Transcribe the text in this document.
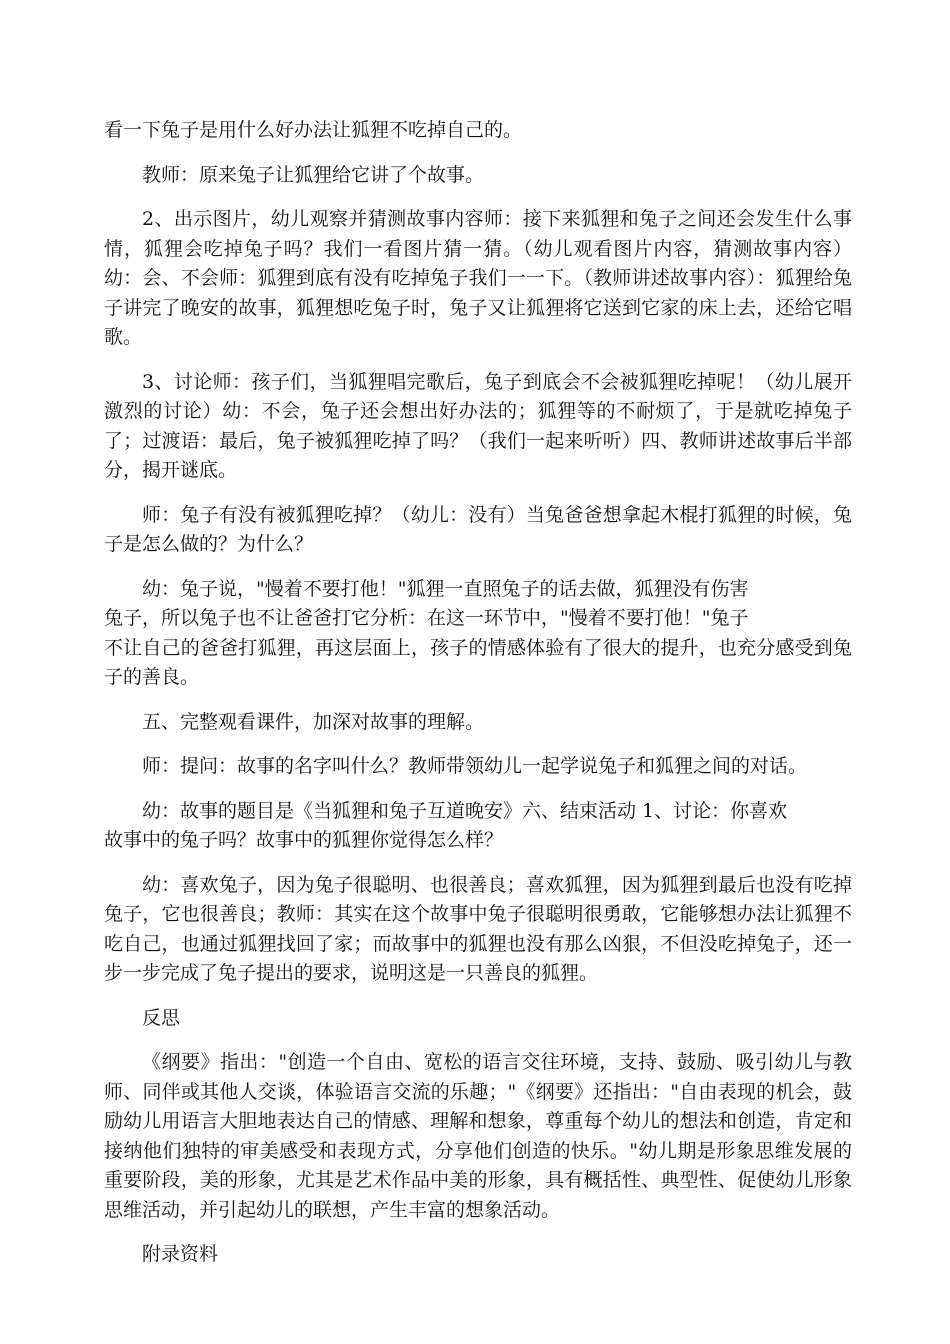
看一下兔子是用什么好办法让狐狸不吃掉自己的。

教师：原来兔子让狐狸给它讲了个故事。

2、出示图片，幼儿观察并猜测故事内容师：接下来狐狸和兔子之间还会发生什么事情，狐狸会吃掉兔子吗？我们一看图片猜一猜。（幼儿观看图片内容，猜测故事内容）幼：会、不会师：狐狸到底有没有吃掉兔子我们一一下。（教师讲述故事内容）：狐狸给兔子讲完了晚安的故事，狐狸想吃兔子时，兔子又让狐狸将它送到它家的床上去，还给它唱歌。

3、讨论师：孩子们，当狐狸唱完歌后，兔子到底会不会被狐狸吃掉呢！（幼儿展开激烈的讨论）幼：不会，兔子还会想出好办法的；狐狸等的不耐烦了，于是就吃掉兔子了；过渡语：最后，兔子被狐狸吃掉了吗？（我们一起来听听）四、教师讲述故事后半部分，揭开谜底。

师：兔子有没有被狐狸吃掉？（幼儿：没有）当兔爸爸想拿起木棍打狐狸的时候，兔子是怎么做的？为什么？

幼：兔子说，"慢着不要打他！"狐狸一直照兔子的话去做，狐狸没有伤害
兔子，所以兔子也不让爸爸打它分析：在这一环节中，"慢着不要打他！"兔子
不让自己的爸爸打狐狸，再这层面上，孩子的情感体验有了很大的提升，也充分感受到兔子的善良。

五、完整观看课件，加深对故事的理解。

师：提问：故事的名字叫什么？教师带领幼儿一起学说兔子和狐狸之间的对话。

幼：故事的题目是《当狐狸和兔子互道晚安》六、结束活动 1、讨论：你喜欢
故事中的兔子吗？故事中的狐狸你觉得怎么样？

幼：喜欢兔子，因为兔子很聪明、也很善良；喜欢狐狸，因为狐狸到最后也没有吃掉兔子，它也很善良；教师：其实在这个故事中兔子很聪明很勇敢，它能够想办法让狐狸不吃自己，也通过狐狸找回了家；而故事中的狐狸也没有那么凶狠，不但没吃掉兔子，还一步一步完成了兔子提出的要求，说明这是一只善良的狐狸。

反思

《纲要》指出："创造一个自由、宽松的语言交往环境，支持、鼓励、吸引幼儿与教师、同伴或其他人交谈，体验语言交流的乐趣；"《纲要》还指出："自由表现的机会，鼓励幼儿用语言大胆地表达自己的情感、理解和想象，尊重每个幼儿的想法和创造，肯定和接纳他们独特的审美感受和表现方式，分享他们创造的快乐。"幼儿期是形象思维发展的重要阶段，美的形象，尤其是艺术作品中美的形象，具有概括性、典型性、促使幼儿形象思维活动，并引起幼儿的联想，产生丰富的想象活动。

附录资料
